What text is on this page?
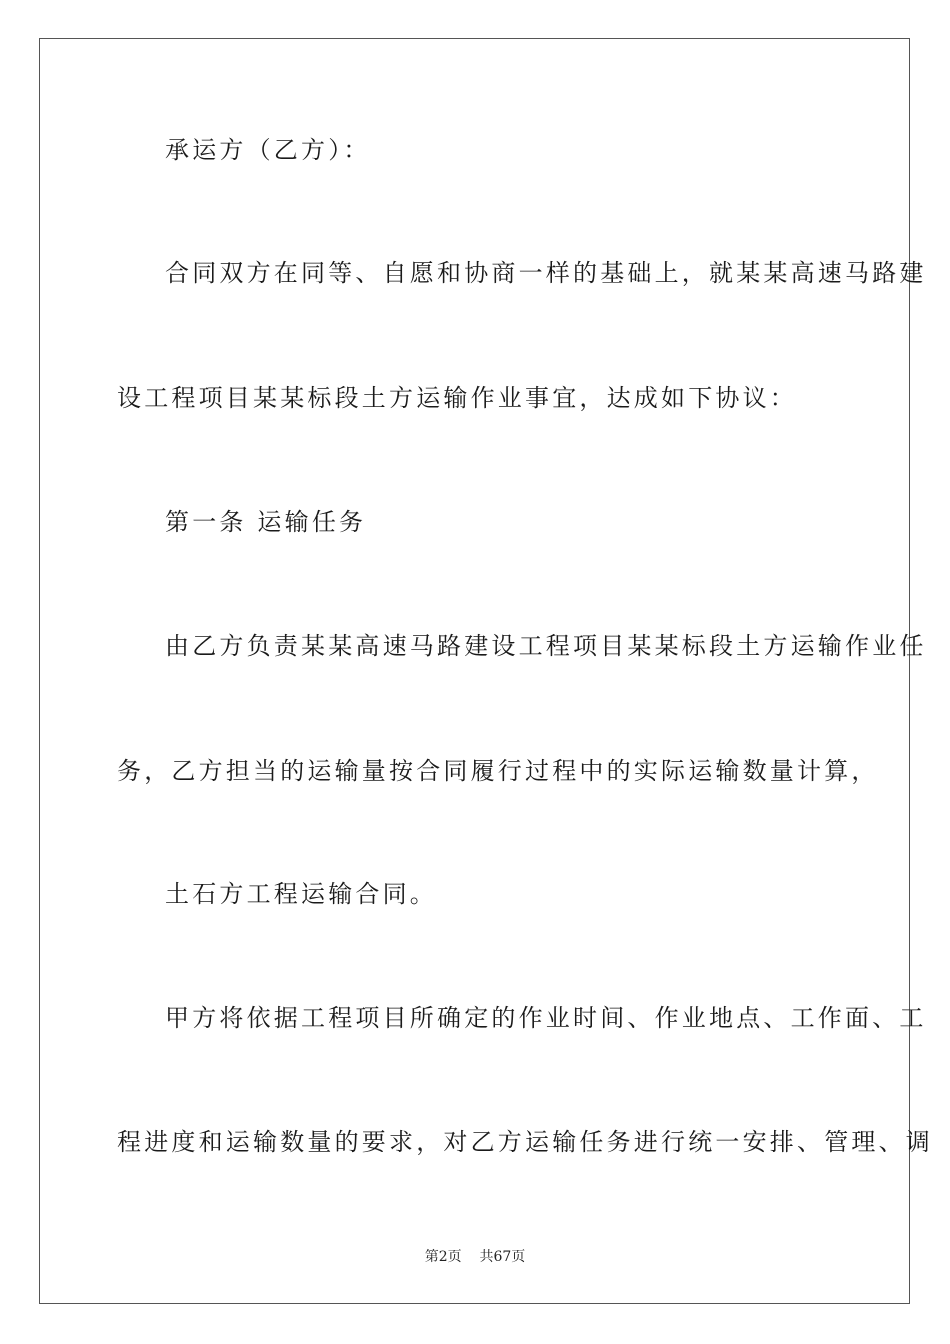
承运方（乙方）：
合同双方在同等、自愿和协商一样的基础上，就某某高速马路建
设工程项目某某标段土方运输作业事宜，达成如下协议：
第一条 运输任务
由乙方负责某某高速马路建设工程项目某某标段土方运输作业任
务，乙方担当的运输量按合同履行过程中的实际运输数量计算，
土石方工程运输合同。
甲方将依据工程项目所确定的作业时间、作业地点、工作面、工
程进度和运输数量的要求，对乙方运输任务进行统一安排、管理、调
第2页    共67页
